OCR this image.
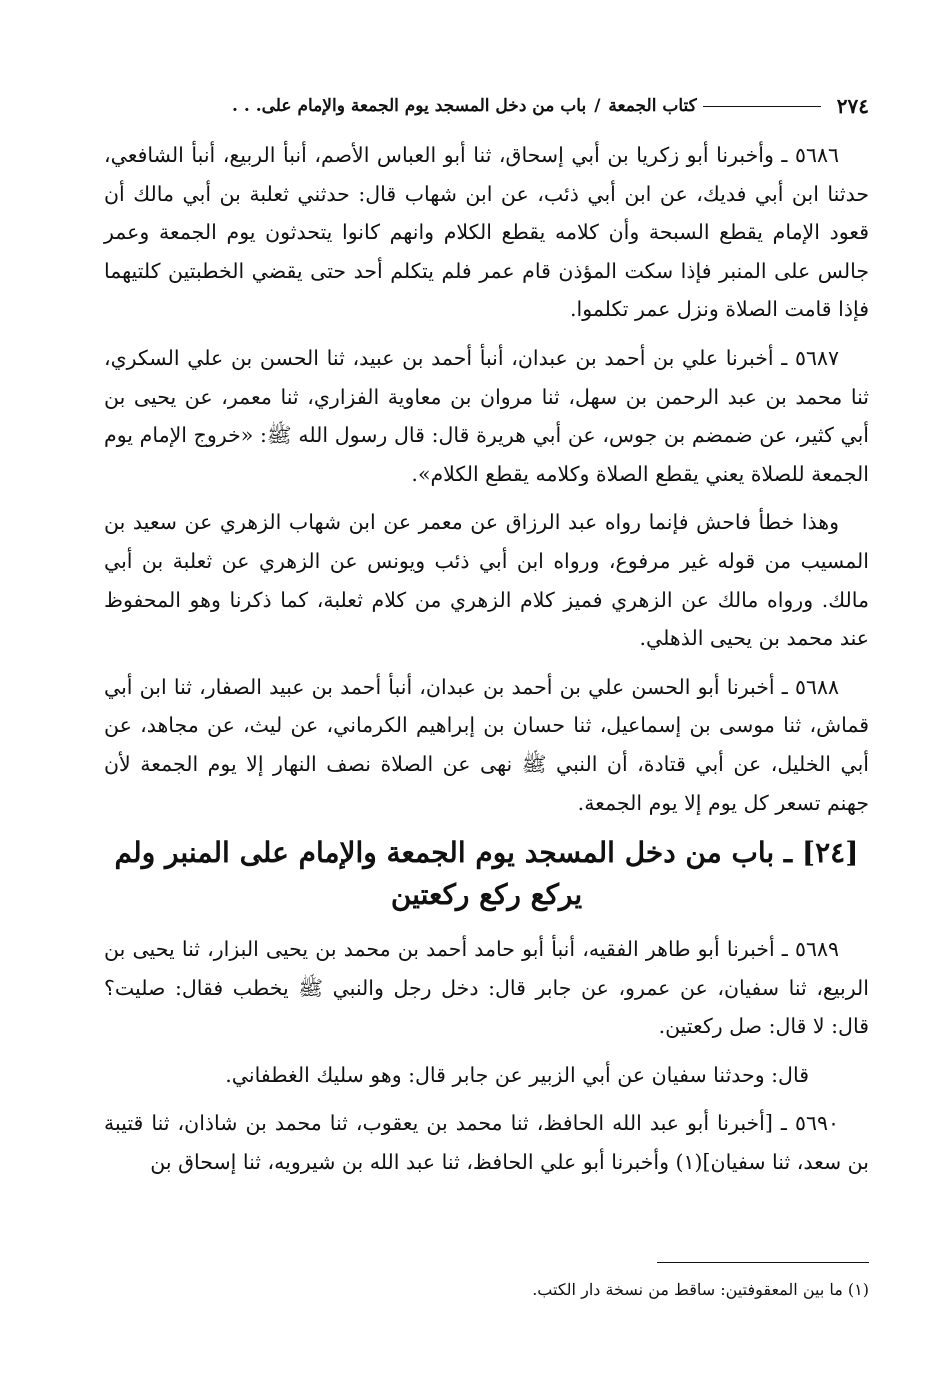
٢٧٤
كتاب الجمعة
/
باب من دخل المسجد يوم الجمعة والإمام على. . .

٥٦٨٦ ـ وأخبرنا أبو زكريا بن أبي إسحاق، ثنا أبو العباس الأصم، أنبأ الربيع، أنبأ الشافعي، حدثنا ابن أبي فديك، عن ابن أبي ذئب، عن ابن شهاب قال: حدثني ثعلبة بن أبي مالك أن قعود الإمام يقطع السبحة وأن كلامه يقطع الكلام وانهم كانوا يتحدثون يوم الجمعة وعمر جالس على المنبر فإذا سكت المؤذن قام عمر فلم يتكلم أحد حتى يقضي الخطبتين كلتيهما فإذا قامت الصلاة ونزل عمر تكلموا.

٥٦٨٧ ـ أخبرنا علي بن أحمد بن عبدان، أنبأ أحمد بن عبيد، ثنا الحسن بن علي السكري، ثنا محمد بن عبد الرحمن بن سهل، ثنا مروان بن معاوية الفزاري، ثنا معمر، عن يحيى بن أبي كثير، عن ضمضم بن جوس، عن أبي هريرة قال: قال رسول الله ﷺ: «خروج الإمام يوم الجمعة للصلاة يعني يقطع الصلاة وكلامه يقطع الكلام».

وهذا خطأ فاحش فإنما رواه عبد الرزاق عن معمر عن ابن شهاب الزهري عن سعيد بن المسيب من قوله غير مرفوع، ورواه ابن أبي ذئب ويونس عن الزهري عن ثعلبة بن أبي مالك. ورواه مالك عن الزهري فميز كلام الزهري من كلام ثعلبة، كما ذكرنا وهو المحفوظ عند محمد بن يحيى الذهلي.

٥٦٨٨ ـ أخبرنا أبو الحسن علي بن أحمد بن عبدان، أنبأ أحمد بن عبيد الصفار، ثنا ابن أبي قماش، ثنا موسى بن إسماعيل، ثنا حسان بن إبراهيم الكرماني، عن ليث، عن مجاهد، عن أبي الخليل، عن أبي قتادة، أن النبي ﷺ نهى عن الصلاة نصف النهار إلا يوم الجمعة لأن جهنم تسعر كل يوم إلا يوم الجمعة.

[٢٤] ـ باب من دخل المسجد يوم الجمعة والإمام على المنبر ولم يركع ركع ركعتين

٥٦٨٩ ـ أخبرنا أبو طاهر الفقيه، أنبأ أبو حامد أحمد بن محمد بن يحيى البزار، ثنا يحيى بن الربيع، ثنا سفيان، عن عمرو، عن جابر قال: دخل رجل والنبي ﷺ يخطب فقال: صليت؟ قال: لا قال: صل ركعتين.

قال: وحدثنا سفيان عن أبي الزبير عن جابر قال: وهو سليك الغطفاني.

٥٦٩٠ ـ [أخبرنا أبو عبد الله الحافظ، ثنا محمد بن يعقوب، ثنا محمد بن شاذان، ثنا قتيبة بن سعد، ثنا سفيان](١) وأخبرنا أبو علي الحافظ، ثنا عبد الله بن شيرويه، ثنا إسحاق بن

(١) ما بين المعقوفتين: ساقط من نسخة دار الكتب.
